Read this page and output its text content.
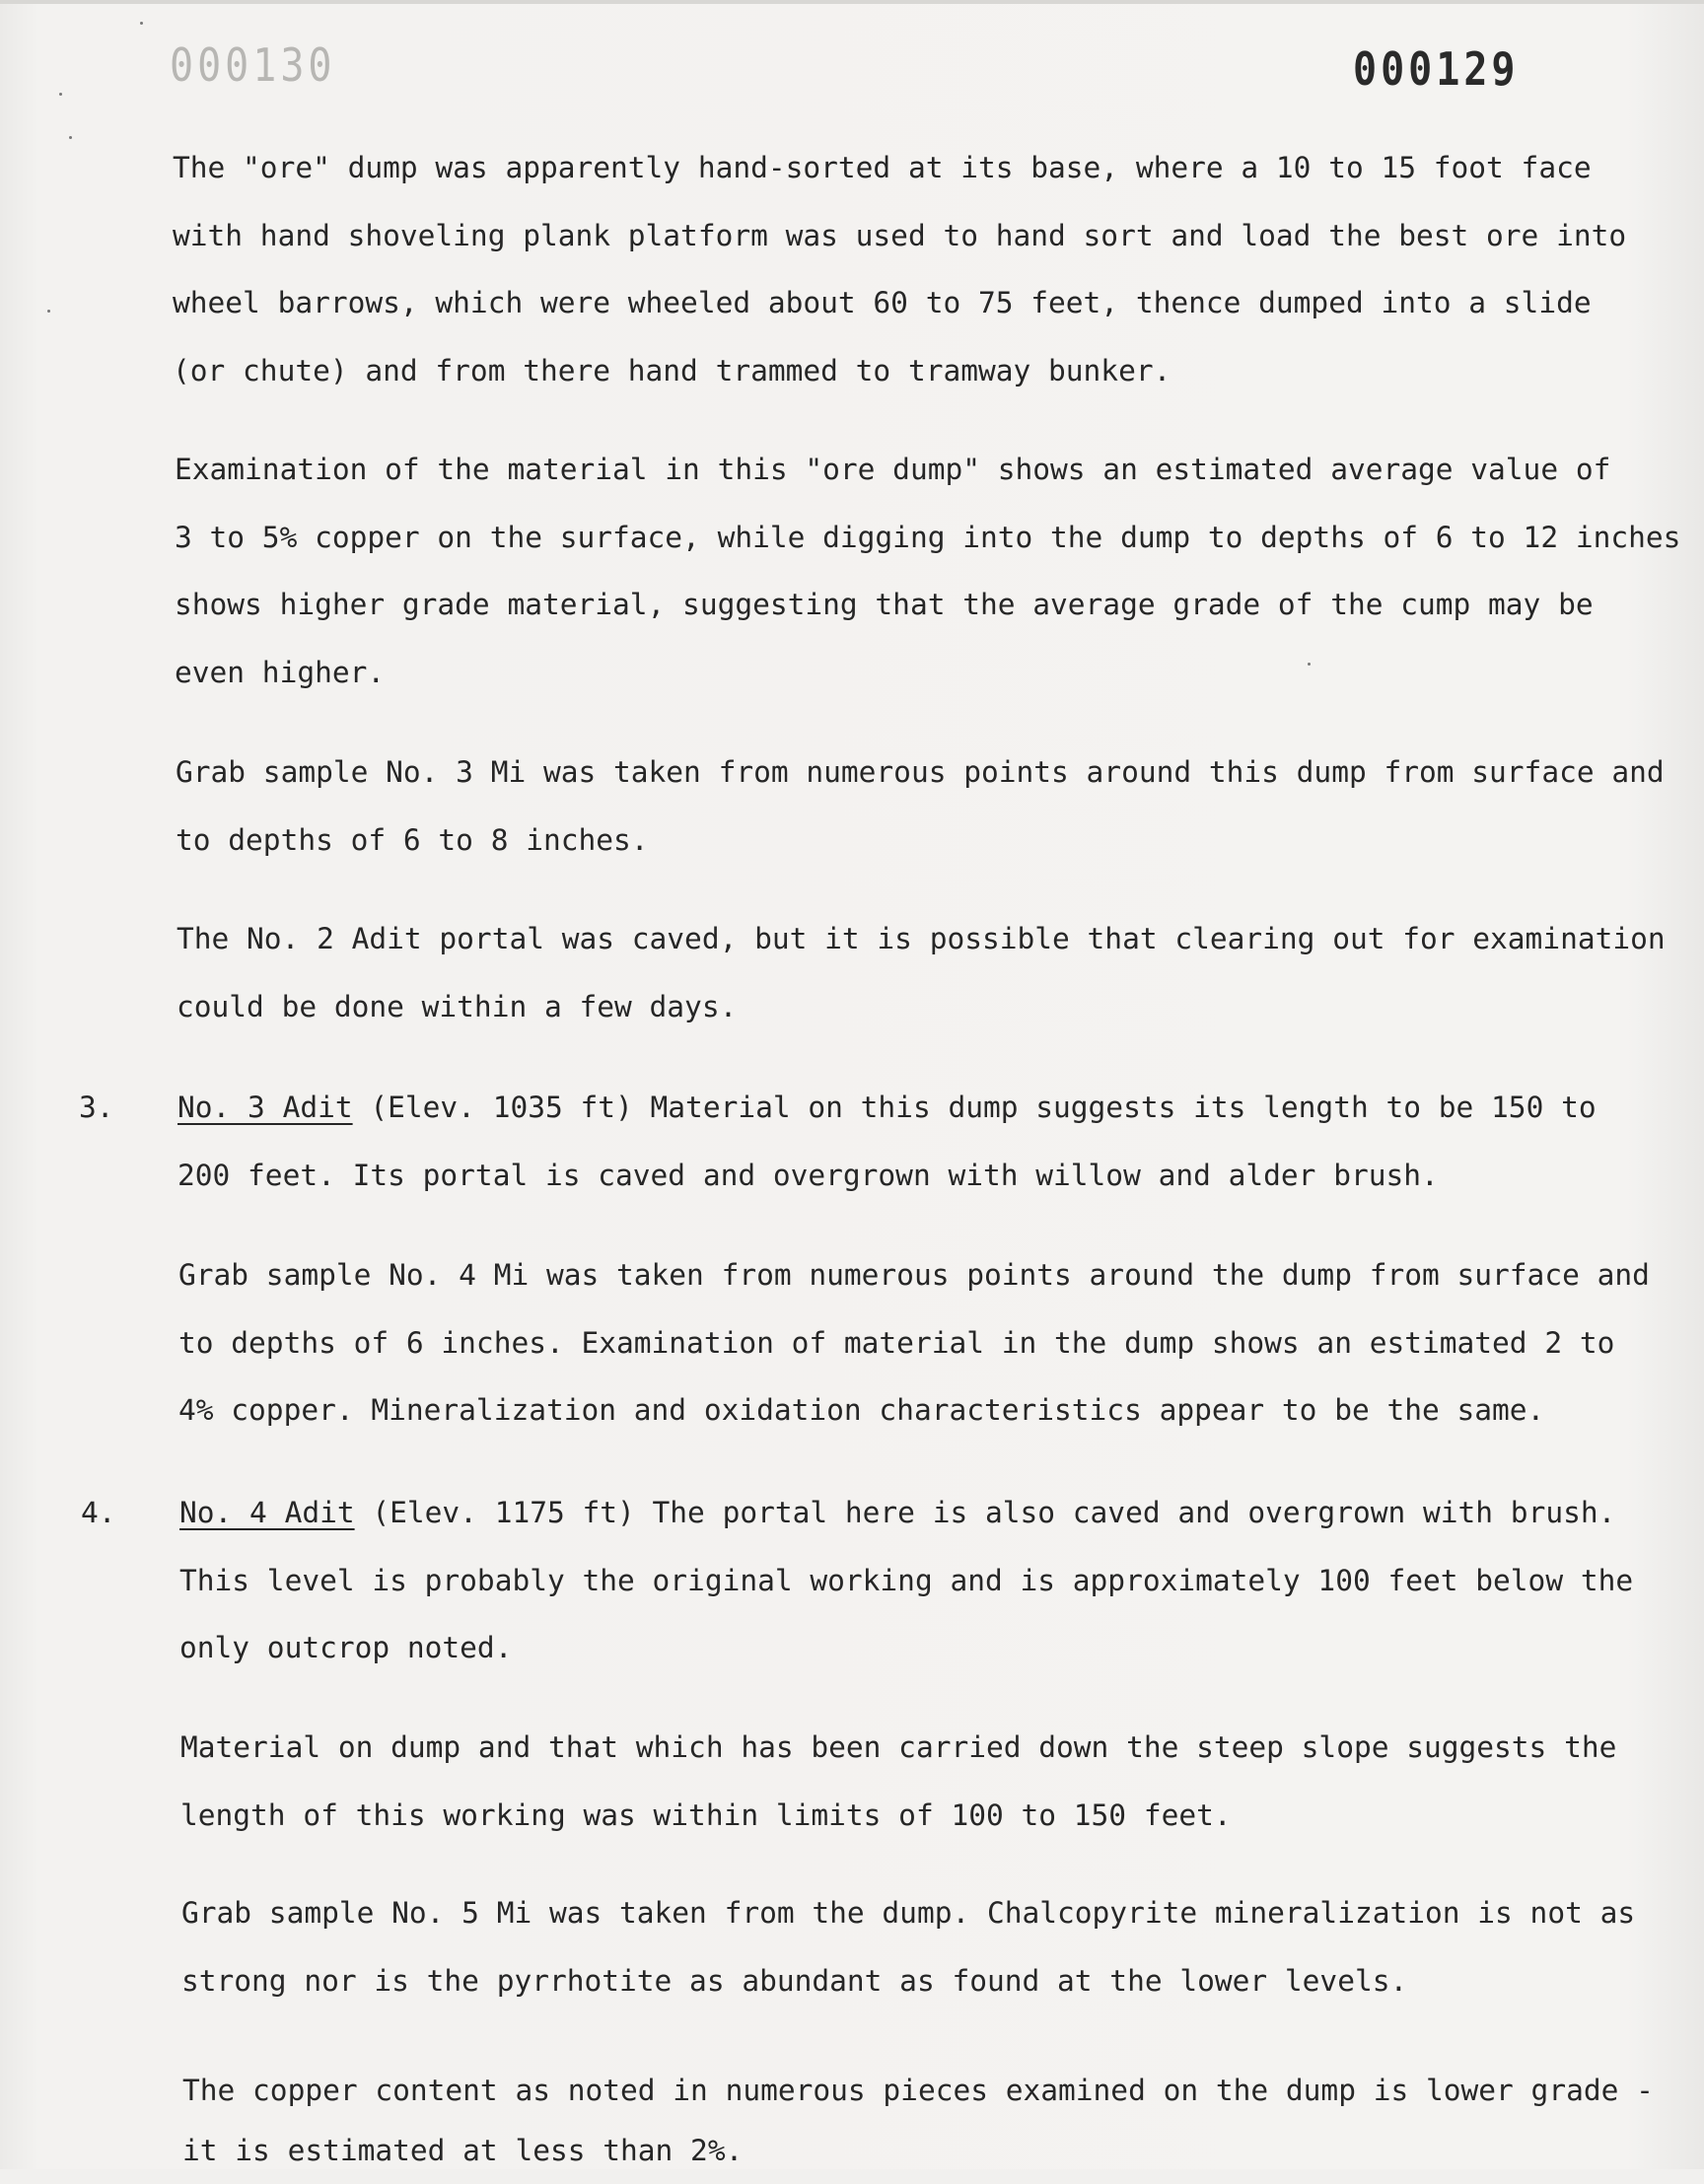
000130	000129

The "ore" dump was apparently hand-sorted at its base, where a 10 to 15 foot face
with hand shoveling plank platform was used to hand sort and load the best ore into
wheel barrows, which were wheeled about 60 to 75 feet, thence dumped into a slide
(or chute) and from there hand trammed to tramway bunker.

Examination of the material in this "ore dump" shows an estimated average value of
3 to 5% copper on the surface, while digging into the dump to depths of 6 to 12 inches
shows higher grade material, suggesting that the average grade of the cump may be
even higher.

Grab sample No. 3 Mi was taken from numerous points around this dump from surface and
to depths of 6 to 8 inches.

The No. 2 Adit portal was caved, but it is possible that clearing out for examination
could be done within a few days.

3. No. 3 Adit (Elev. 1035 ft) Material on this dump suggests its length to be 150 to
200 feet. Its portal is caved and overgrown with willow and alder brush.

Grab sample No. 4 Mi was taken from numerous points around the dump from surface and
to depths of 6 inches. Examination of material in the dump shows an estimated 2 to
4% copper. Mineralization and oxidation characteristics appear to be the same.

4. No. 4 Adit (Elev. 1175 ft) The portal here is also caved and overgrown with brush.
This level is probably the original working and is approximately 100 feet below the
only outcrop noted.

Material on dump and that which has been carried down the steep slope suggests the
length of this working was within limits of 100 to 150 feet.

Grab sample No. 5 Mi was taken from the dump. Chalcopyrite mineralization is not as
strong nor is the pyrrhotite as abundant as found at the lower levels.

The copper content as noted in numerous pieces examined on the dump is lower grade -
it is estimated at less than 2%.
